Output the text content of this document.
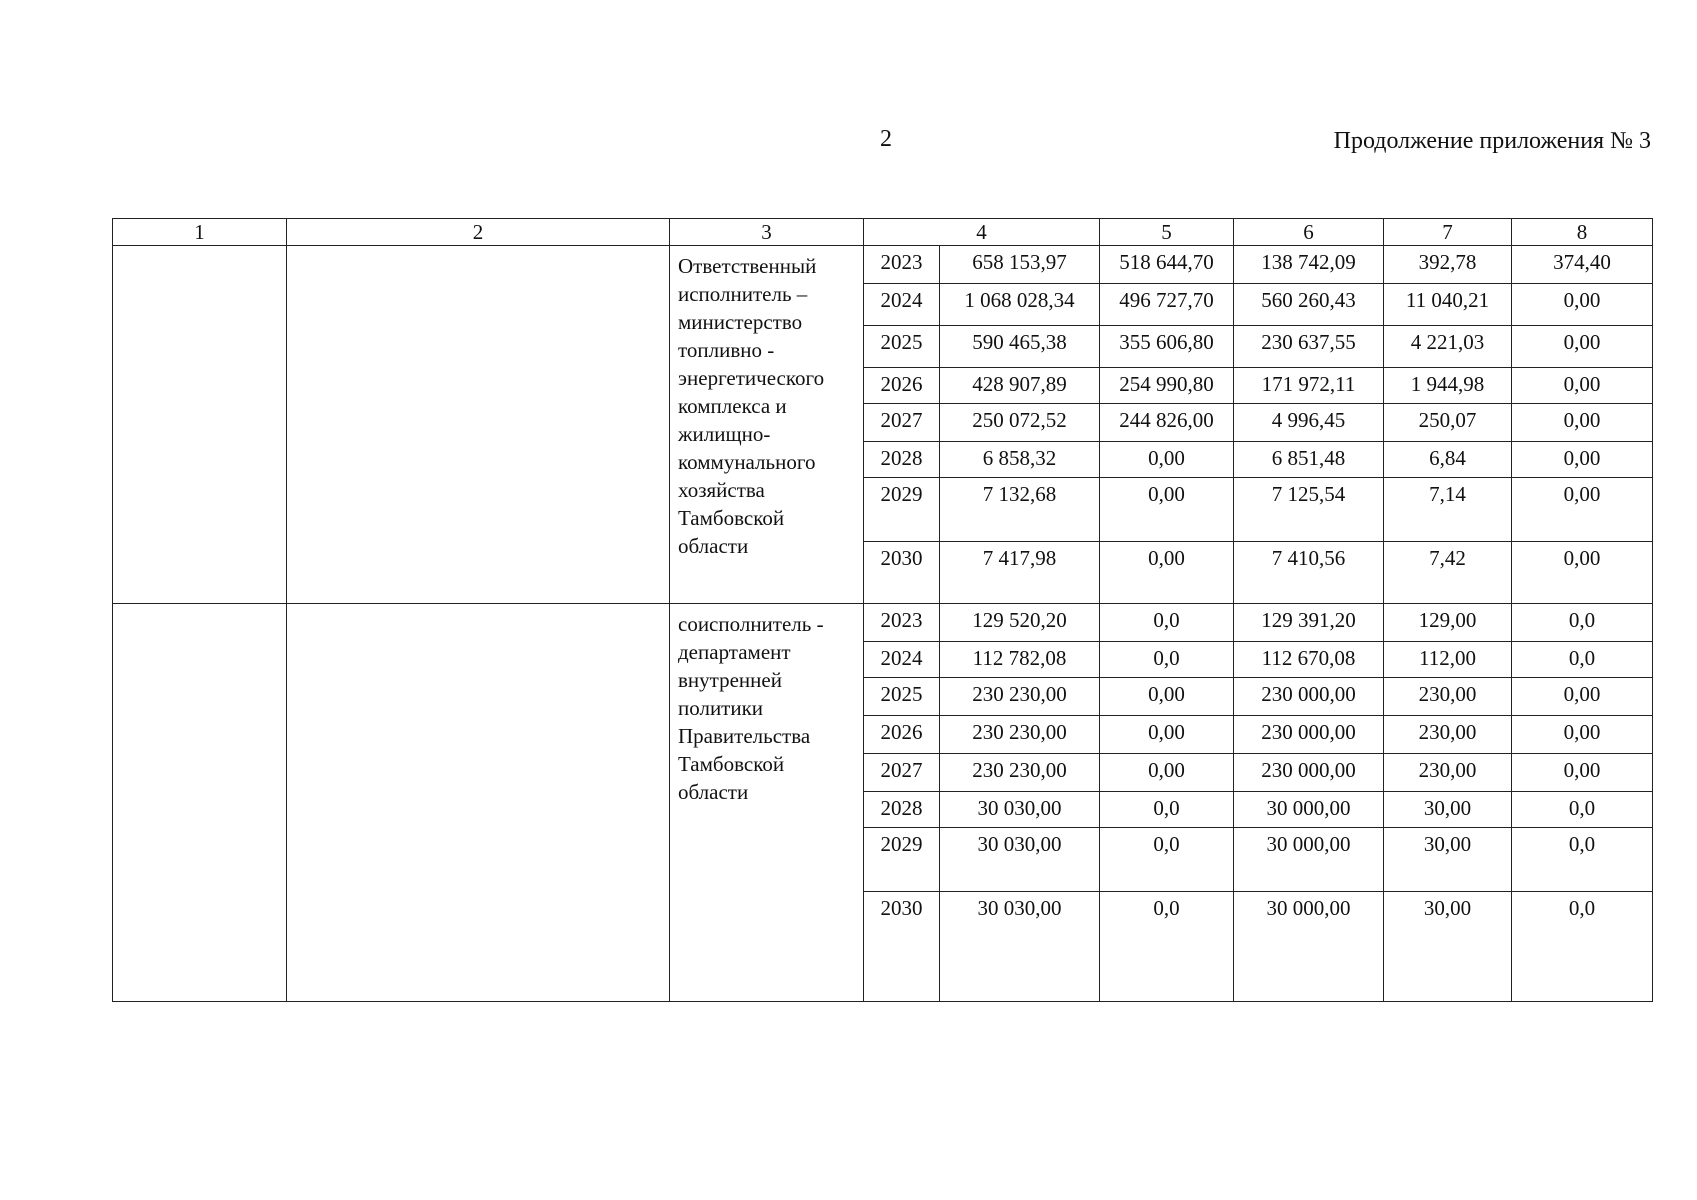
2	Продолжение приложения № 3
1	2	3	4		5	6	7	8
		Ответственный исполнитель – министерство топливно - энергетического комплекса и жилищно-коммунального хозяйства Тамбовской области	2023	658 153,97	518 644,70	138 742,09	392,78	374,40
			2024	1 068 028,34	496 727,70	560 260,43	11 040,21	0,00
			2025	590 465,38	355 606,80	230 637,55	4 221,03	0,00
			2026	428 907,89	254 990,80	171 972,11	1 944,98	0,00
			2027	250 072,52	244 826,00	4 996,45	250,07	0,00
			2028	6 858,32	0,00	6 851,48	6,84	0,00
			2029	7 132,68	0,00	7 125,54	7,14	0,00
			2030	7 417,98	0,00	7 410,56	7,42	0,00
		соисполнитель - департамент внутренней политики Правительства Тамбовской области	2023	129 520,20	0,0	129 391,20	129,00	0,0
			2024	112 782,08	0,0	112 670,08	112,00	0,0
			2025	230 230,00	0,00	230 000,00	230,00	0,00
			2026	230 230,00	0,00	230 000,00	230,00	0,00
			2027	230 230,00	0,00	230 000,00	230,00	0,00
			2028	30 030,00	0,0	30 000,00	30,00	0,0
			2029	30 030,00	0,0	30 000,00	30,00	0,0
			2030	30 030,00	0,0	30 000,00	30,00	0,0
